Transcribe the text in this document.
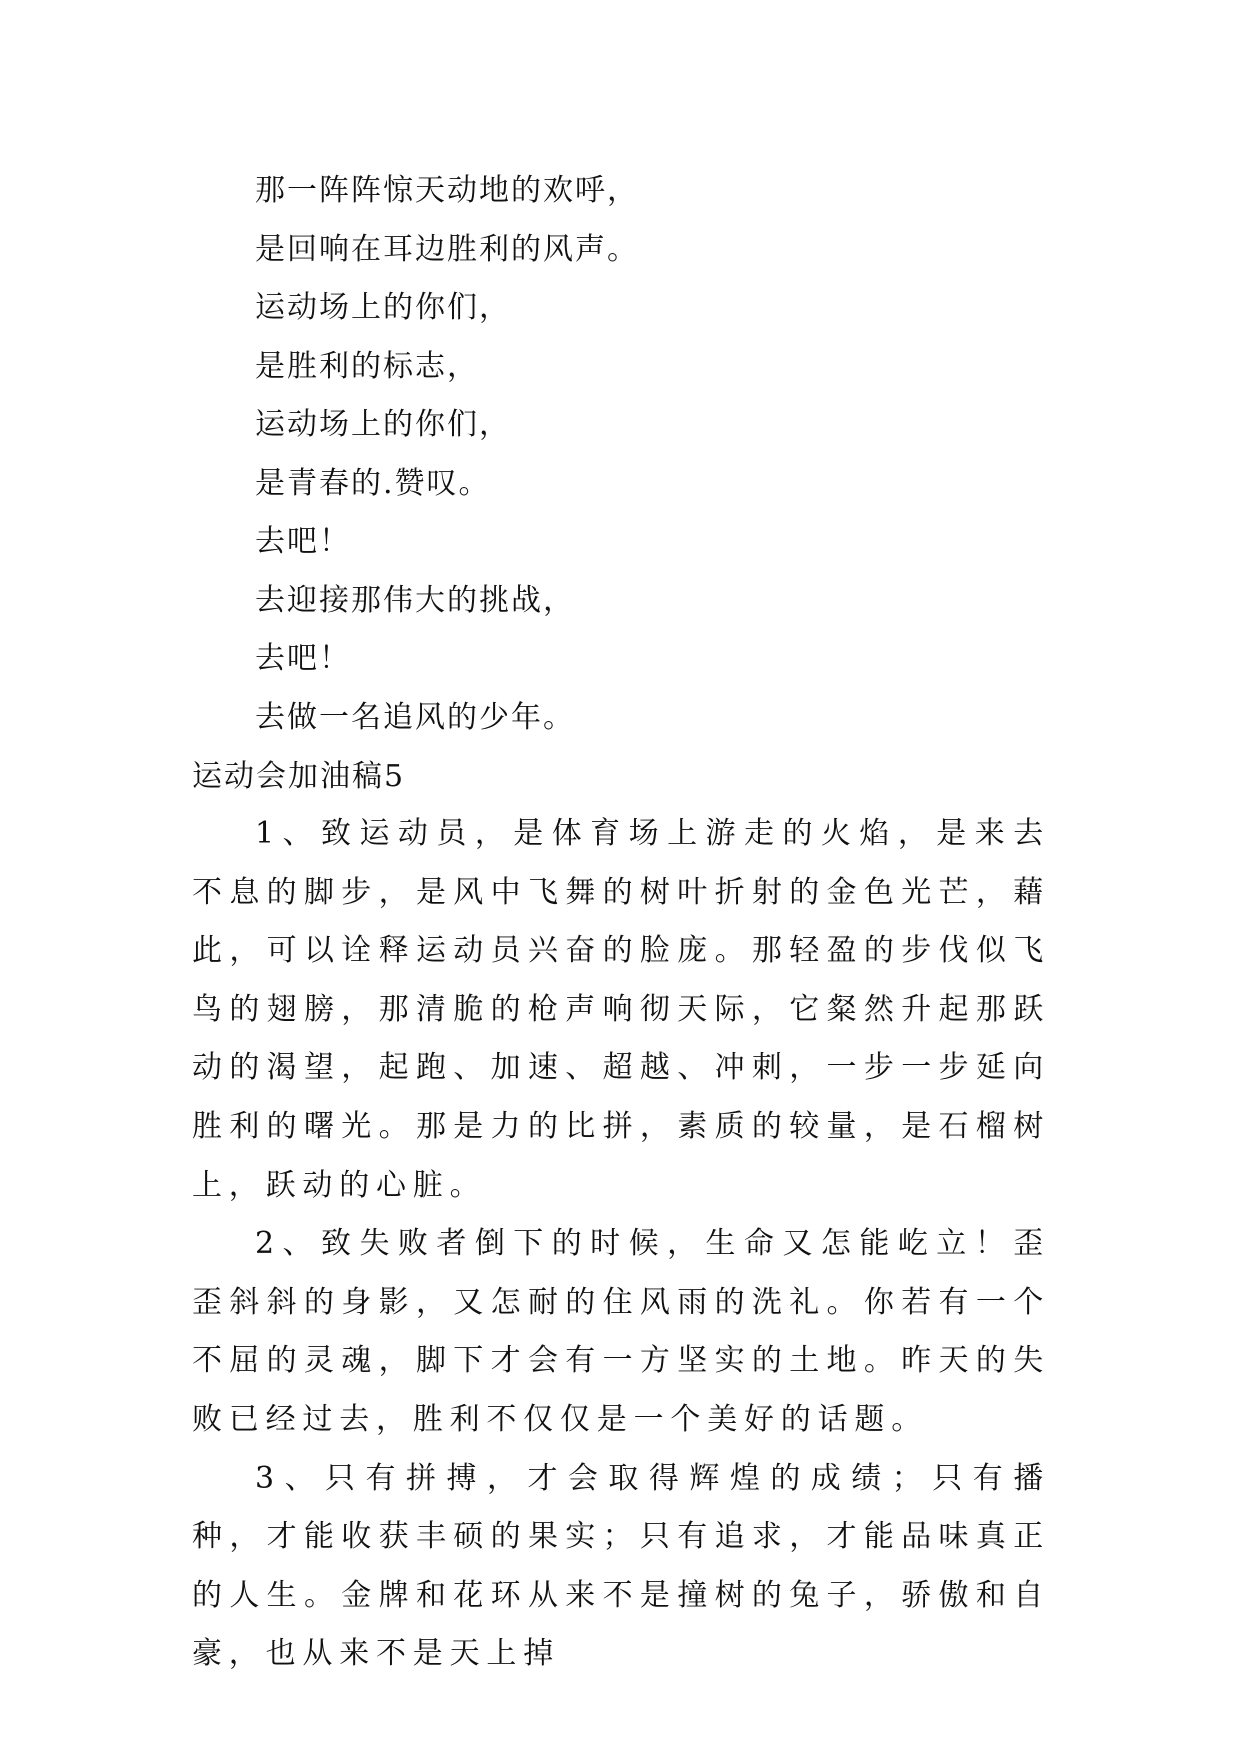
那一阵阵惊天动地的欢呼，
是回响在耳边胜利的风声。
运动场上的你们，
是胜利的标志，
运动场上的你们，
是青春的.赞叹。
去吧！
去迎接那伟大的挑战，
去吧！
去做一名追风的少年。
运动会加油稿5

1、致运动员，是体育场上游走的火焰，是来去不息的脚步，是风中飞舞的树叶折射的金色光芒，藉此，可以诠释运动员兴奋的脸庞。那轻盈的步伐似飞鸟的翅膀，那清脆的枪声响彻天际，它粲然升起那跃动的渴望，起跑、加速、超越、冲刺，一步一步延向胜利的曙光。那是力的比拼，素质的较量，是石榴树上，跃动的心脏。

2、致失败者倒下的时候，生命又怎能屹立！歪歪斜斜的身影，又怎耐的住风雨的洗礼。你若有一个不屈的灵魂，脚下才会有一方坚实的土地。昨天的失败已经过去，胜利不仅仅是一个美好的话题。

3、只有拼搏，才会取得辉煌的成绩；只有播种，才能收获丰硕的果实；只有追求，才能品味真正的人生。金牌和花环从来不是撞树的兔子，骄傲和自豪，也从来不是天上掉
